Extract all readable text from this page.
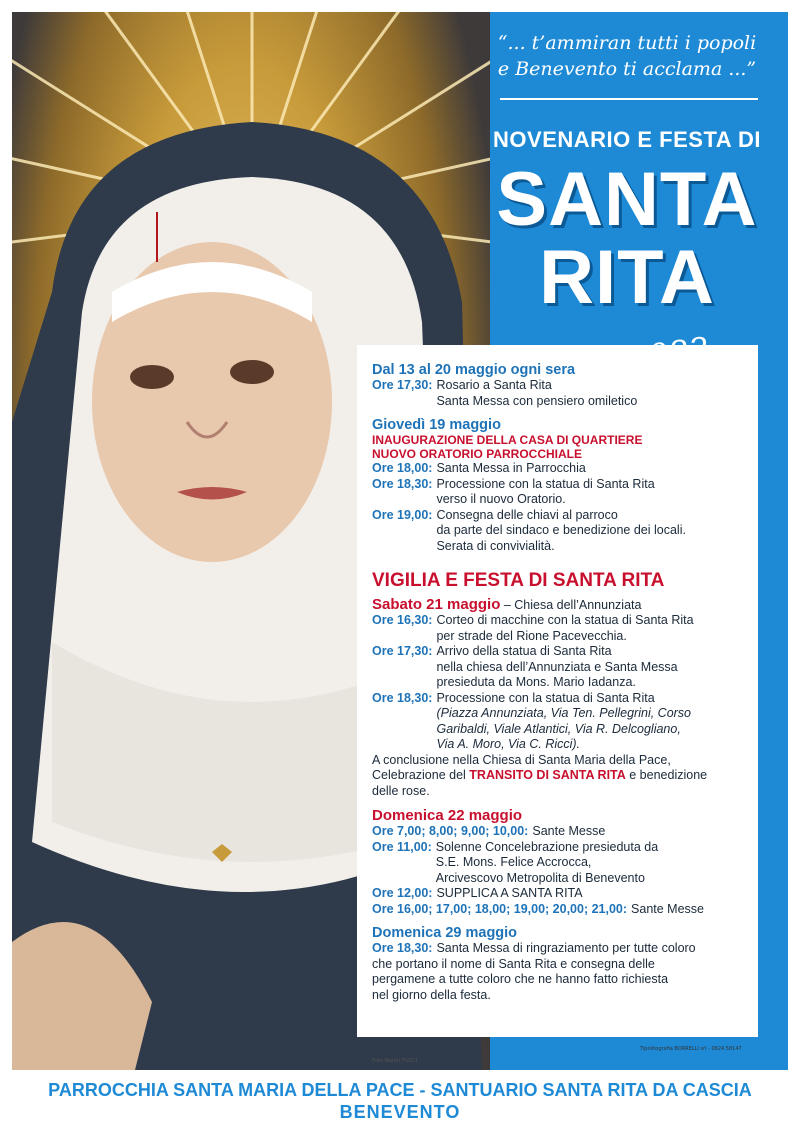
Foto Walter FUCCI
“... t’ammiran tutti i popoli
e Benevento ti acclama ...”
NOVENARIO E FESTA DI
SANTA
RITA
Dal 13 al 20 maggio ogni sera
Ore 17,30: Rosario a Santa Rita
Santa Messa con pensiero omiletico
Giovedì 19 maggio
INAUGURAZIONE DELLA CASA DI QUARTIERE
NUOVO ORATORIO PARROCCHIALE
Ore 18,00: Santa Messa in Parrocchia
Ore 18,30: Processione con la statua di Santa Rita
verso il nuovo Oratorio.
Ore 19,00: Consegna delle chiavi al parroco
da parte del sindaco e benedizione dei locali.
Serata di convivialità.
VIGILIA E FESTA DI SANTA RITA
Sabato 21 maggio – Chiesa dell’Annunziata
Ore 16,30: Corteo di macchine con la statua di Santa Rita
per strade del Rione Pacevecchia.
Ore 17,30: Arrivo della statua di Santa Rita
nella chiesa dell’Annunziata e Santa Messa
presieduta da Mons. Mario Iadanza.
Ore 18,30: Processione con la statua di Santa Rita
(Piazza Annunziata, Via Ten. Pellegrini, Corso
Garibaldi, Viale Atlantici, Via R. Delcogliano,
Via A. Moro, Via C. Ricci).
A conclusione nella Chiesa di Santa Maria della Pace,
Celebrazione del TRANSITO DI SANTA RITA e benedizione
delle rose.
Domenica 22 maggio
Ore 7,00; 8,00; 9,00; 10,00: Sante Messe
Ore 11,00: Solenne Concelebrazione presieduta da
S.E. Mons. Felice Accrocca,
Arcivescovo Metropolita di Benevento
Ore 12,00: SUPPLICA A SANTA RITA
Ore 16,00; 17,00; 18,00; 19,00; 20,00; 21,00: Sante Messe
Domenica 29 maggio
Ore 18,30: Santa Messa di ringraziamento per tutte coloro
che portano il nome di Santa Rita e consegna delle
pergamene a tutte coloro che ne hanno fatto richiesta
nel giorno della festa.
Tipolitografia BORRELLI srl - 0824.58147
PARROCCHIA SANTA MARIA DELLA PACE - SANTUARIO SANTA RITA DA CASCIA
BENEVENTO
